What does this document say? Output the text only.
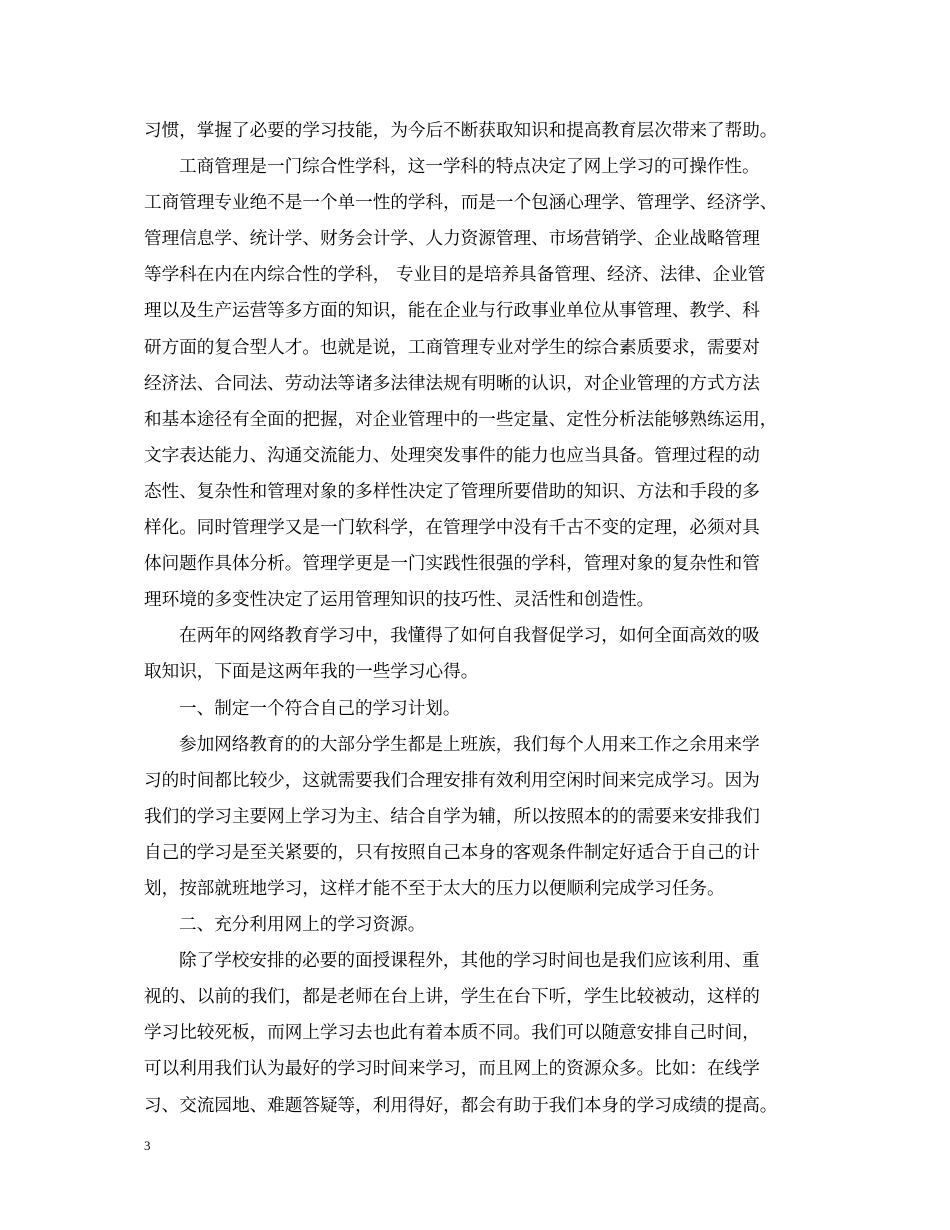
习惯，掌握了必要的学习技能，为今后不断获取知识和提高教育层次带来了帮助。
工商管理是一门综合性学科，这一学科的特点决定了网上学习的可操作性。
工商管理专业绝不是一个单一性的学科，而是一个包涵心理学、管理学、经济学、
管理信息学、统计学、财务会计学、人力资源管理、市场营销学、企业战略管理
等学科在内在内综合性的学科， 专业目的是培养具备管理、经济、法律、企业管
理以及生产运营等多方面的知识，能在企业与行政事业单位从事管理、教学、科
研方面的复合型人才。也就是说，工商管理专业对学生的综合素质要求，需要对
经济法、合同法、劳动法等诸多法律法规有明晰的认识，对企业管理的方式方法
和基本途径有全面的把握，对企业管理中的一些定量、定性分析法能够熟练运用，
文字表达能力、沟通交流能力、处理突发事件的能力也应当具备。管理过程的动
态性、复杂性和管理对象的多样性决定了管理所要借助的知识、方法和手段的多
样化。同时管理学又是一门软科学，在管理学中没有千古不变的定理，必须对具
体问题作具体分析。管理学更是一门实践性很强的学科，管理对象的复杂性和管
理环境的多变性决定了运用管理知识的技巧性、灵活性和创造性。
在两年的网络教育学习中，我懂得了如何自我督促学习，如何全面高效的吸
取知识，下面是这两年我的一些学习心得。
一、制定一个符合自己的学习计划。
参加网络教育的的大部分学生都是上班族，我们每个人用来工作之余用来学
习的时间都比较少，这就需要我们合理安排有效利用空闲时间来完成学习。因为
我们的学习主要网上学习为主、结合自学为辅，所以按照本的的需要来安排我们
自己的学习是至关紧要的，只有按照自己本身的客观条件制定好适合于自己的计
划，按部就班地学习，这样才能不至于太大的压力以便顺利完成学习任务。
二、充分利用网上的学习资源。
除了学校安排的必要的面授课程外，其他的学习时间也是我们应该利用、重
视的、以前的我们，都是老师在台上讲，学生在台下听，学生比较被动，这样的
学习比较死板，而网上学习去也此有着本质不同。我们可以随意安排自己时间，
可以利用我们认为最好的学习时间来学习，而且网上的资源众多。比如：在线学
习、交流园地、难题答疑等，利用得好，都会有助于我们本身的学习成绩的提高。
3
